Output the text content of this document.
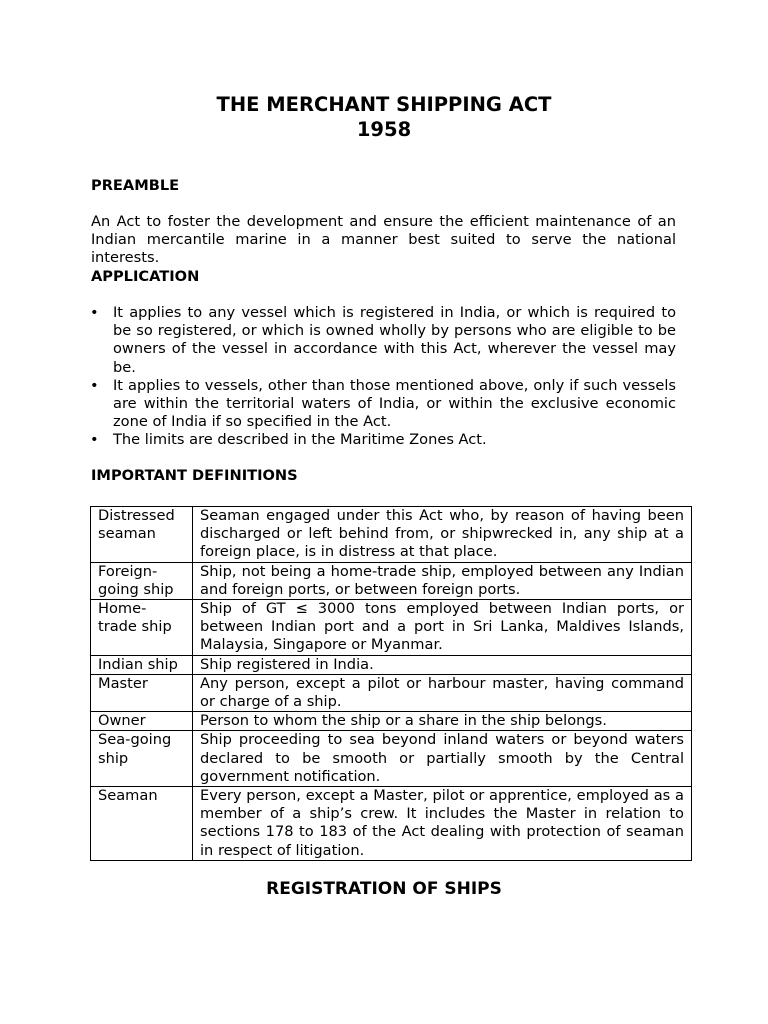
THE MERCHANT SHIPPING ACT
1958
PREAMBLE
An Act to foster the development and ensure the efficient maintenance of an Indian mercantile marine in a manner best suited to serve the national interests.
APPLICATION
• It applies to any vessel which is registered in India, or which is required to be so registered, or which is owned wholly by persons who are eligible to be owners of the vessel in accordance with this Act, wherever the vessel may be.
• It applies to vessels, other than those mentioned above, only if such vessels are within the territorial waters of India, or within the exclusive economic zone of India if so specified in the Act.
• The limits are described in the Maritime Zones Act.
IMPORTANT DEFINITIONS
Distressed seaman	Seaman engaged under this Act who, by reason of having been discharged or left behind from, or shipwrecked in, any ship at a foreign place, is in distress at that place.
Foreign-going ship	Ship, not being a home-trade ship, employed between any Indian and foreign ports, or between foreign ports.
Home-trade ship	Ship of GT ≤ 3000 tons employed between Indian ports, or between Indian port and a port in Sri Lanka, Maldives Islands, Malaysia, Singapore or Myanmar.
Indian ship	Ship registered in India.
Master	Any person, except a pilot or harbour master, having command or charge of a ship.
Owner	Person to whom the ship or a share in the ship belongs.
Sea-going ship	Ship proceeding to sea beyond inland waters or beyond waters declared to be smooth or partially smooth by the Central government notification.
Seaman	Every person, except a Master, pilot or apprentice, employed as a member of a ship’s crew. It includes the Master in relation to sections 178 to 183 of the Act dealing with protection of seaman in respect of litigation.
REGISTRATION OF SHIPS
